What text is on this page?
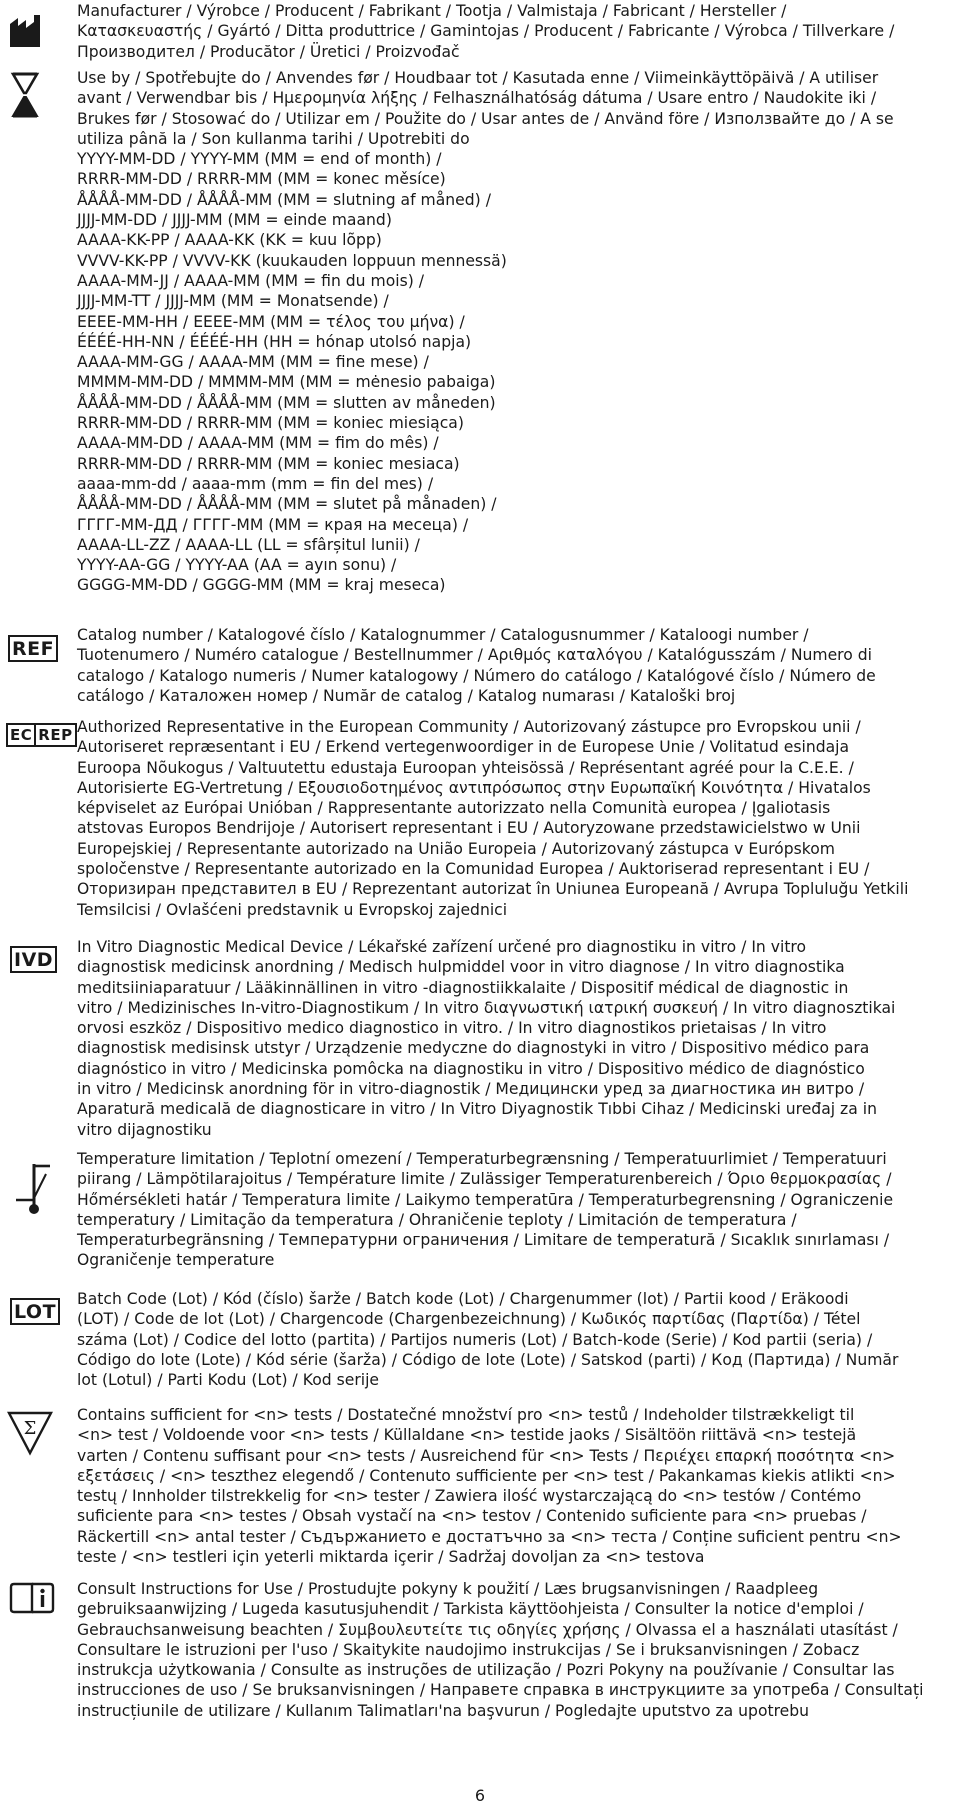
Manufacturer / Výrobce / Producent / Fabrikant / Tootja / Valmistaja / Fabricant / Hersteller /
Κατασκευαστής / Gyártó / Ditta produttrice / Gamintojas / Producent / Fabricante / Výrobca / Tillverkare /
Производител / Producător / Üretici / Proizvođač
Use by / Spotřebujte do / Anvendes før / Houdbaar tot / Kasutada enne / Viimeinkäyttöpäivä / A utiliser
avant / Verwendbar bis / Ημερομηνία λήξης / Felhasználhatóság dátuma / Usare entro / Naudokite iki /
Brukes før / Stosować do / Utilizar em / Použite do / Usar antes de / Använd före / Използвайте до / A se
utiliza până la / Son kullanma tarihi / Upotrebiti do
YYYY-MM-DD / YYYY-MM (MM = end of month) /
RRRR-MM-DD / RRRR-MM (MM = konec měsíce)
ÅÅÅÅ-MM-DD / ÅÅÅÅ-MM (MM = slutning af måned) /
JJJJ-MM-DD / JJJJ-MM (MM = einde maand)
AAAA-KK-PP / AAAA-KK (KK = kuu lõpp)
VVVV-KK-PP / VVVV-KK (kuukauden loppuun mennessä)
AAAA-MM-JJ / AAAA-MM (MM = fin du mois) /
JJJJ-MM-TT / JJJJ-MM (MM = Monatsende) /
ΕΕΕΕ-ΜΜ-ΗΗ / ΕΕΕΕ-ΜΜ (ΜΜ = τέλος του μήνα) /
ÉÉÉÉ-HH-NN / ÉÉÉÉ-HH (HH = hónap utolsó napja)
AAAA-MM-GG / AAAA-MM (MM = fine mese) /
MMMM-MM-DD / MMMM-MM (MM = mėnesio pabaiga)
ÅÅÅÅ-MM-DD / ÅÅÅÅ-MM (MM = slutten av måneden)
RRRR-MM-DD / RRRR-MM (MM = koniec miesiąca)
AAAA-MM-DD / AAAA-MM (MM = fim do mês) /
RRRR-MM-DD / RRRR-MM (MM = koniec mesiaca)
aaaa-mm-dd / aaaa-mm (mm = fin del mes) /
ÅÅÅÅ-MM-DD / ÅÅÅÅ-MM (MM = slutet på månaden) /
ГГГГ-ММ-ДД / ГГГГ-ММ (ММ = края на месеца) /
AAAA-LL-ZZ / AAAA-LL (LL = sfârșitul lunii) /
YYYY-AA-GG / YYYY-AA (AA = ayın sonu) /
GGGG-MM-DD / GGGG-MM (MM = kraj meseca)
REF
Catalog number / Katalogové číslo / Katalognummer / Catalogusnummer / Kataloogi number /
Tuotenumero / Numéro catalogue / Bestellnummer / Αριθμός καταλόγου / Katalógusszám / Numero di
catalogo / Katalogo numeris / Numer katalogowy / Número do catálogo / Katalógové číslo / Número de
catálogo / Каталожен номер / Număr de catalog / Katalog numarası / Kataloški broj
EC REP Authorized Representative in the European Community / Autorizovaný zástupce pro Evropskou unii /
Autoriseret repræsentant i EU / Erkend vertegenwoordiger in de Europese Unie / Volitatud esindaja
Euroopa Nõukogus / Valtuutettu edustaja Euroopan yhteisössä / Représentant agréé pour la C.E.E. /
Autorisierte EG-Vertretung / Εξουσιοδοτημένος αντιπρόσωπος στην Ευρωπαϊκή Κοινότητα / Hivatalos
képviselet az Európai Unióban / Rappresentante autorizzato nella Comunità europea / Įgaliotasis
atstovas Europos Bendrijoje / Autorisert representant i EU / Autoryzowane przedstawicielstwo w Unii
Europejskiej / Representante autorizado na União Europeia / Autorizovaný zástupca v Európskom
spoločenstve / Representante autorizado en la Comunidad Europea / Auktoriserad representant i EU /
Оторизиран представител в EU / Reprezentant autorizat în Uniunea Europeană / Avrupa Topluluğu Yetkili
Temsilcisi / Ovlašćeni predstavnik u Evropskoj zajednici
IVD
In Vitro Diagnostic Medical Device / Lékařské zařízení určené pro diagnostiku in vitro / In vitro
diagnostisk medicinsk anordning / Medisch hulpmiddel voor in vitro diagnose / In vitro diagnostika
meditsiiniaparatuur / Lääkinnällinen in vitro -diagnostiikkalaite / Dispositif médical de diagnostic in
vitro / Medizinisches In-vitro-Diagnostikum / In vitro διαγνωστική ιατρική συσκευή / In vitro diagnosztikai
orvosi eszköz / Dispositivo medico diagnostico in vitro. / In vitro diagnostikos prietaisas / In vitro
diagnostisk medisinsk utstyr / Urządzenie medyczne do diagnostyki in vitro / Dispositivo médico para
diagnóstico in vitro / Medicinska pomôcka na diagnostiku in vitro / Dispositivo médico de diagnóstico
in vitro / Medicinsk anordning för in vitro-diagnostik / Медицински уред за диагностика ин витро /
Aparatură medicală de diagnosticare in vitro / In Vitro Diyagnostik Tıbbi Cihaz / Medicinski uređaj za in
vitro dijagnostiku
Temperature limitation / Teplotní omezení / Temperaturbegrænsning / Temperatuurlimiet / Temperatuuri
piirang / Lämpötilarajoitus / Température limite / Zulässiger Temperaturenbereich / Όριο θερμοκρασίας /
Hőmérsékleti határ / Temperatura limite / Laikymo temperatūra / Temperaturbegrensning / Ograniczenie
temperatury / Limitação da temperatura / Ohraničenie teploty / Limitación de temperatura /
Temperaturbegränsning / Температурни ограничения / Limitare de temperatură / Sıcaklık sınırlaması /
Ograničenje temperature
LOT
Batch Code (Lot) / Kód (číslo) šarže / Batch kode (Lot) / Chargenummer (lot) / Partii kood / Eräkoodi
(LOT) / Code de lot (Lot) / Chargencode (Chargenbezeichnung) / Κωδικός παρτίδας (Παρτίδα) / Tétel
száma (Lot) / Codice del lotto (partita) / Partijos numeris (Lot) / Batch-kode (Serie) / Kod partii (seria) /
Código do lote (Lote) / Kód série (šarža) / Código de lote (Lote) / Satskod (parti) / Код (Партида) / Număr
lot (Lotul) / Parti Kodu (Lot) / Kod serije
Σ
Contains sufficient for <n> tests / Dostatečné množství pro <n> testů / Indeholder tilstrækkeligt til
<n> test / Voldoende voor <n> tests / Küllaldane <n> testide jaoks / Sisältöön riittävä <n> testejä
varten / Contenu suffisant pour <n> tests / Ausreichend für <n> Tests / Περιέχει επαρκή ποσότητα <n>
εξετάσεις / <n> teszthez elegendő / Contenuto sufficiente per <n> test / Pakankamas kiekis atlikti <n>
testų / Innholder tilstrekkelig for <n> tester / Zawiera ilość wystarczającą do <n> testów / Contémo
suficiente para <n> testes / Obsah vystačí na <n> testov / Contenido suficiente para <n> pruebas /
Räckertill <n> antal tester / Съдържанието е достатъчно за <n> теста / Conține suficient pentru <n>
teste / <n> testleri için yeterli miktarda içerir / Sadržaj dovoljan za <n> testova
Consult Instructions for Use / Prostudujte pokyny k použití / Læs brugsanvisningen / Raadpleeg
gebruiksaanwijzing / Lugeda kasutusjuhendit / Tarkista käyttöohjeista / Consulter la notice d'emploi /
Gebrauchsanweisung beachten / Συμβουλευτείτε τις οδηγίες χρήσης / Olvassa el a használati utasítást /
Consultare le istruzioni per l'uso / Skaitykite naudojimo instrukcijas / Se i bruksanvisningen / Zobacz
instrukcja użytkowania / Consulte as instruções de utilização / Pozri Pokyny na používanie / Consultar las
instrucciones de uso / Se bruksanvisningen / Направете справка в инструкциите за употреба / Consultați
instrucțiunile de utilizare / Kullanım Talimatları'na başvurun / Pogledajte uputstvo za upotrebu
6
